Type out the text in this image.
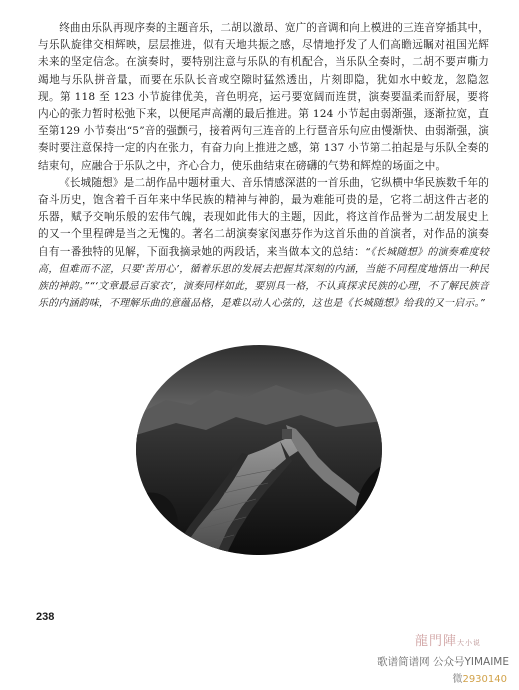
终曲由乐队再现序奏的主题音乐，二胡以激昂、宽广的音调和向上模进的三连音穿插其中，与乐队旋律交相辉映，层层推进，似有天地共振之感，尽情地抒发了人们高瞻远瞩对祖国光辉未来的坚定信念。在演奏时，要特别注意与乐队的有机配合，当乐队全奏时，二胡不要声嘶力竭地与乐队拼音量，而要在乐队长音或空隙时猛然透出，片刻即隐，犹如水中蛟龙，忽隐忽现。第 118 至 123 小节旋律优美，音色明亮，运弓要宽阔而连贯，演奏要温柔而舒展，要将内心的张力暂时松弛下来，以便尾声高潮的最后推进。第 124 小节起由弱渐强，逐渐拉宽，直至第129 小节奏出“5”音的强颤弓，接着两句三连音的上行琶音乐句应由慢渐快、由弱渐强，演奏时要注意保持一定的内在张力，有奋力向上推进之感，第 137 小节第二拍起是与乐队全奏的结束句，应融合于乐队之中，齐心合力，使乐曲结束在磅礴的气势和辉煌的场面之中。

《长城随想》是二胡作品中题材重大、音乐情感深湛的一首乐曲，它纵横中华民族数千年的奋斗历史，饱含着千百年来中华民族的精神与神韵，最为难能可贵的是，它将二胡这件古老的乐器，赋予交响乐般的宏伟气魄，表现如此伟大的主题，因此，将这首作品誉为二胡发展史上的又一个里程碑是当之无愧的。著名二胡演奏家闵惠芬作为这首乐曲的首演者，对作品的演奏自有一番独特的见解，下面我摘录她的两段话，来当做本文的总结：“《长城随想》的演奏难度较高，但难而不涩，只要‘苦用心’，循着乐思的发展去把握其深刻的内涵，当能不同程度地悟出一种民族的神韵。”“‘文章最忌百家衣’，演奏同样如此，要别具一格，不认真探求民族的心理，不了解民族音乐的内涵韵味，不理解乐曲的意蕴品格，是难以动人心弦的，这也是《长城随想》给我的又一启示。”

238
龍門陣大小说
歌谱简谱网 公众号YIMAIME
微2930140
